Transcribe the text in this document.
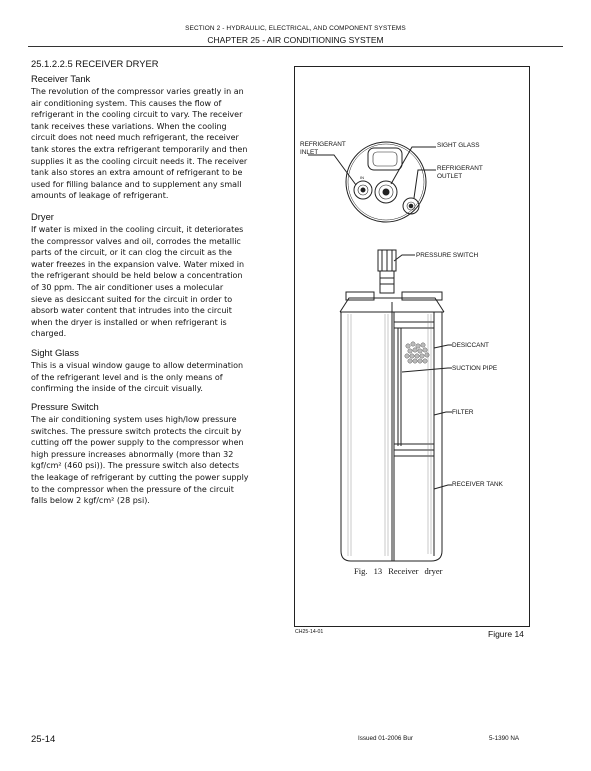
SECTION 2 - HYDRAULIC, ELECTRICAL, AND COMPONENT SYSTEMS
CHAPTER 25 - AIR CONDITIONING SYSTEM
25.1.2.2.5 RECEIVER DRYER
Receiver Tank
The revolution of the compressor varies greatly in an
air conditioning system. This causes the flow of
refrigerant in the cooling circuit to vary. The receiver
tank receives these variations. When the cooling
circuit does not need much refrigerant, the receiver
tank stores the extra refrigerant temporarily and then
supplies it as the cooling circuit needs it. The receiver
tank also stores an extra amount of refrigerant to be
used for filling balance and to supplement any small
amounts of leakage of refrigerant.
Dryer
If water is mixed in the cooling circuit, it deteriorates
the compressor valves and oil, corrodes the metallic
parts of the circuit, or it can clog the circuit as the
water freezes in the expansion valve. Water mixed in
the refrigerant should be held below a concentration
of 30 ppm. The air conditioner uses a molecular
sieve as desiccant suited for the circuit in order to
absorb water content that intrudes into the circuit
when the dryer is installed or when refrigerant is
charged.
Sight Glass
This is a visual window gauge to allow determination
of the refrigerant level and is the only means of
confirming the inside of the circuit visually.
Pressure Switch
The air conditioning system uses high/low pressure
switches. The pressure switch protects the circuit by
cutting off the power supply to the compressor when
high pressure increases abnormally (more than 32
kgf/cm² (460 psi)). The pressure switch also detects
the leakage of refrigerant by cutting the power supply
to the compressor when the pressure of the circuit
falls below 2 kgf/cm² (28 psi).
REFRIGERANT
INLET
SIGHT GLASS
REFRIGERANT
OUTLET
IN
PRESSURE SWITCH
DESICCANT
SUCTION PIPE
FILTER
RECEIVER TANK
Fig. 13 Receiver dryer
CH25-14-01	Figure 14
25-14	Issued 01-2006 Bur	5-1390 NA
